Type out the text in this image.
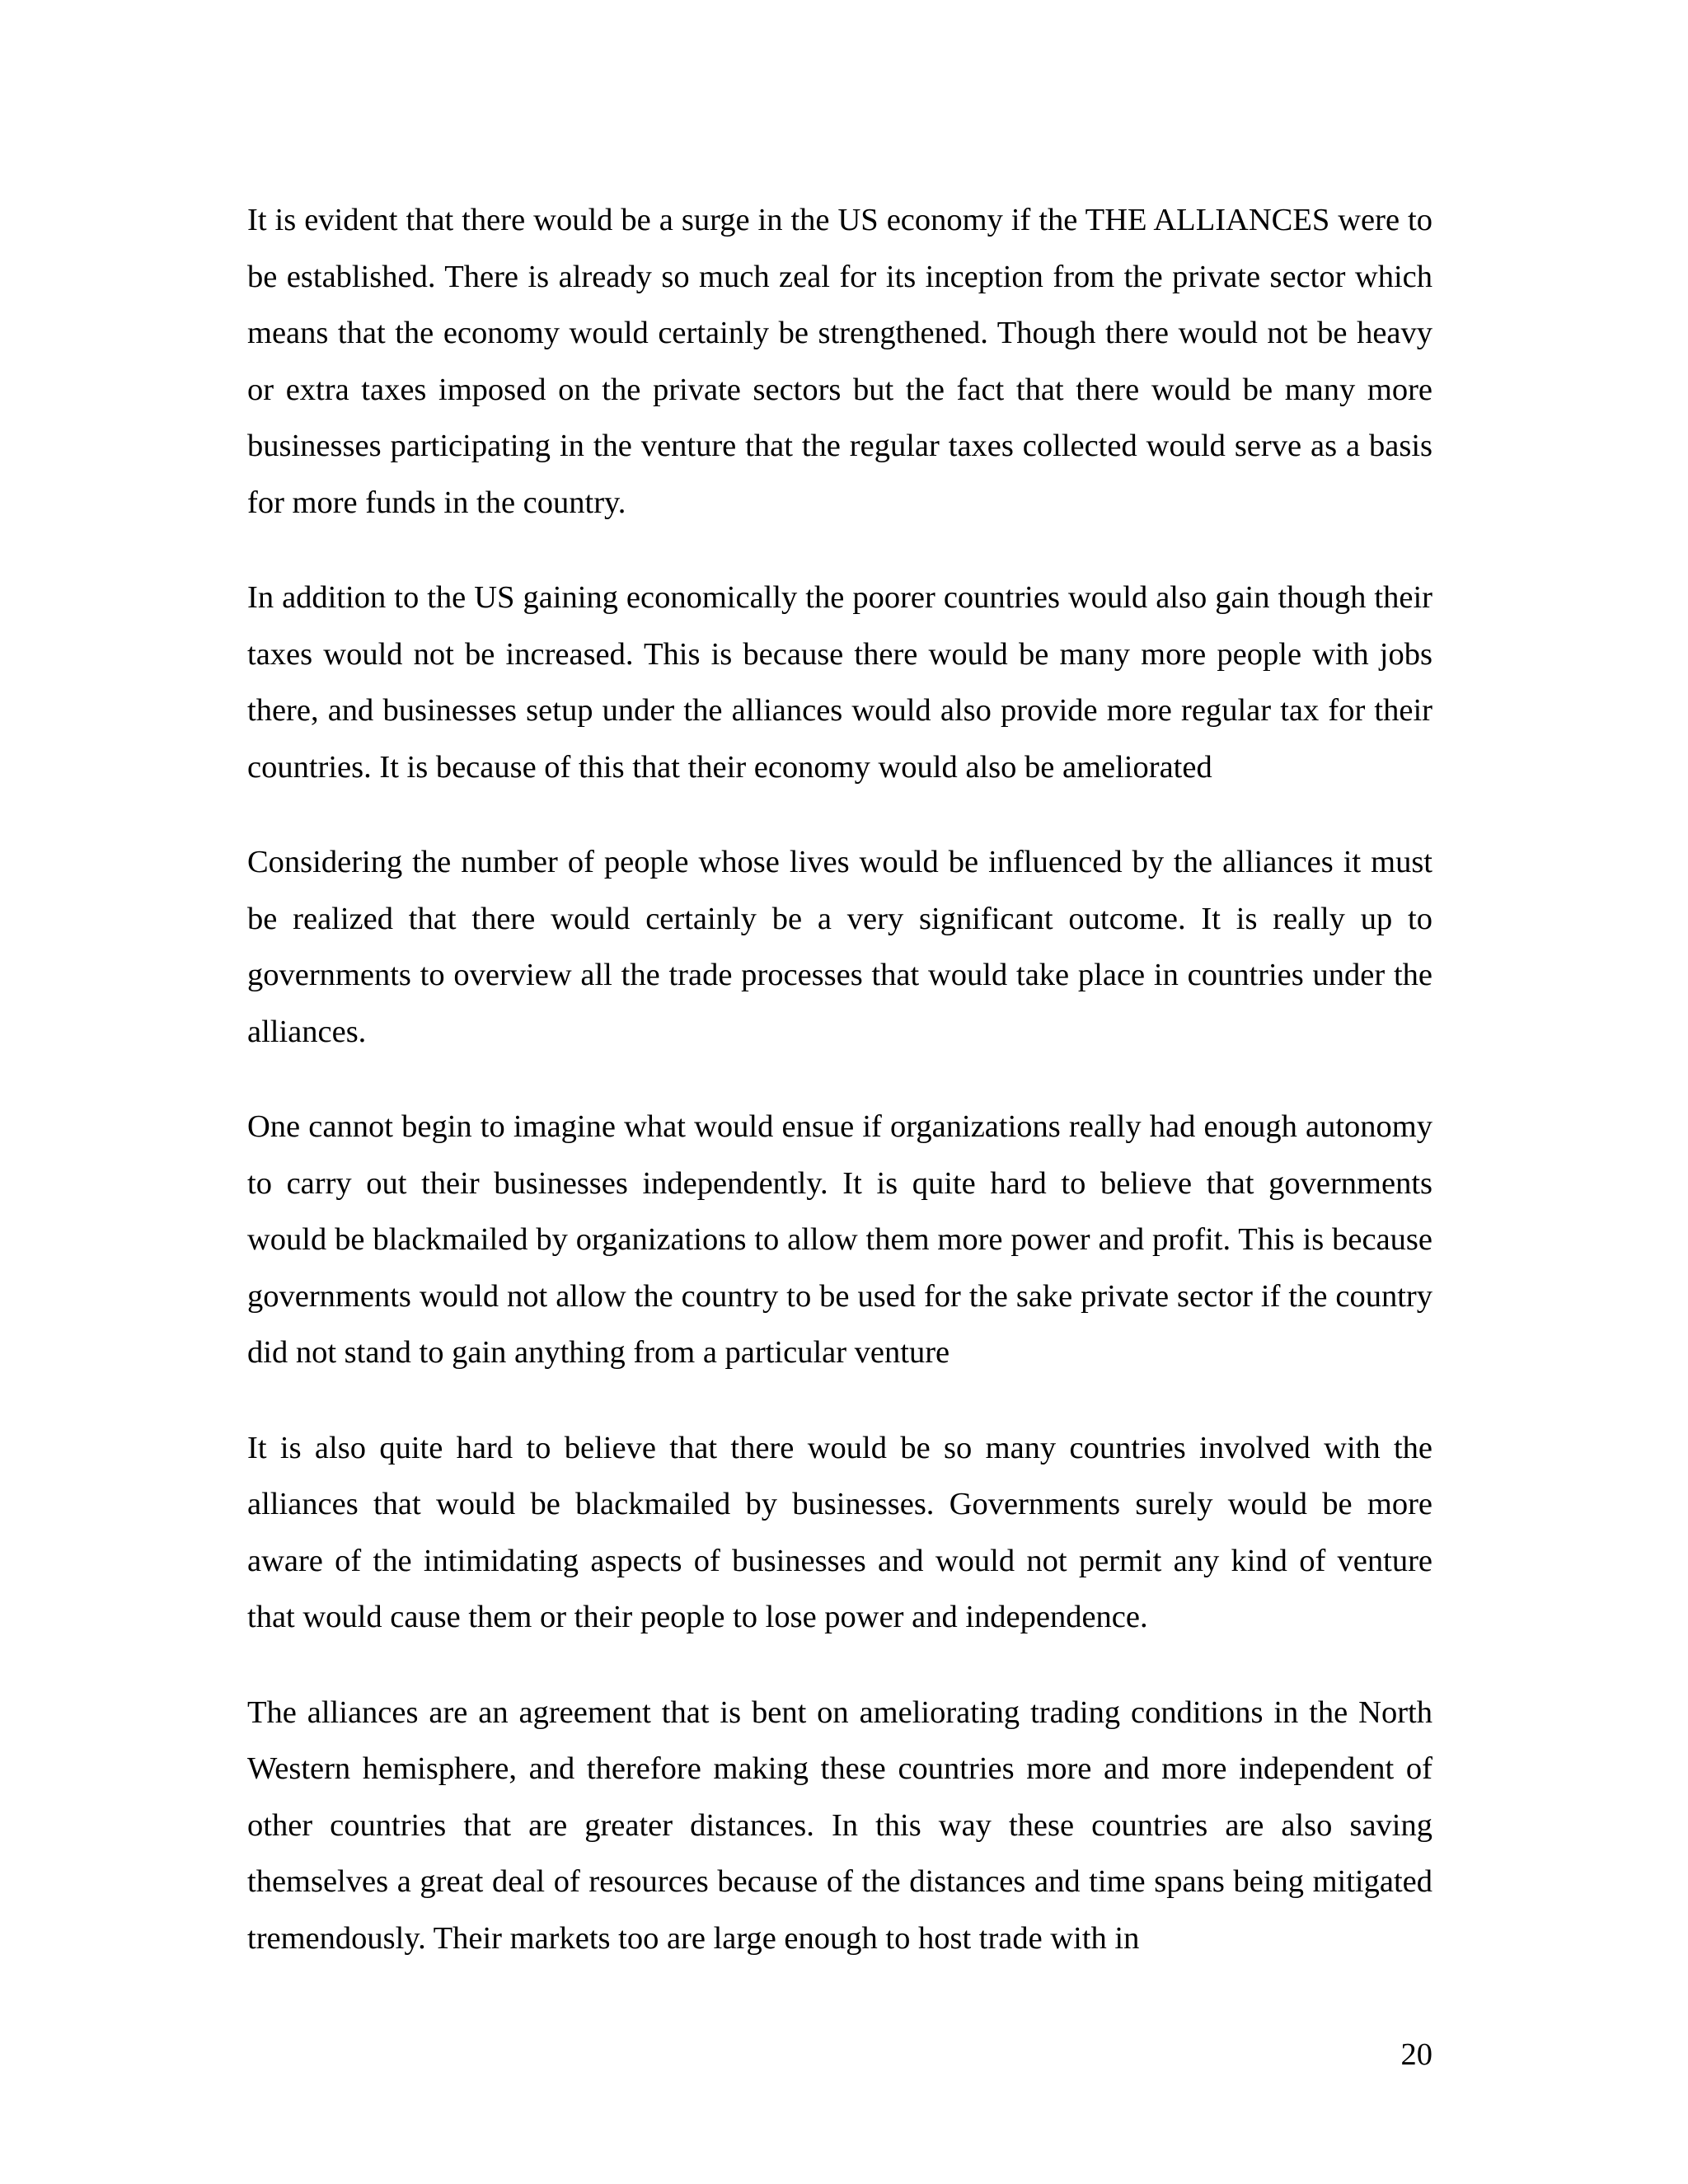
It is evident that there would be a surge in the US economy if the THE ALLIANCES were to be established. There is already so much zeal for its inception from the private sector which means that the economy would certainly be strengthened. Though there would not be heavy or extra taxes imposed on the private sectors but the fact that there would be many more businesses participating in the venture that the regular taxes collected would serve as a basis for more funds in the country.

In addition to the US gaining economically the poorer countries would also gain though their taxes would not be increased. This is because there would be many more people with jobs there, and businesses setup under the alliances would also provide more regular tax for their countries. It is because of this that their economy would also be ameliorated

Considering the number of people whose lives would be influenced by the alliances it must be realized that there would certainly be a very significant outcome. It is really up to governments to overview all the trade processes that would take place in countries under the alliances.

One cannot begin to imagine what would ensue if organizations really had enough autonomy to carry out their businesses independently. It is quite hard to believe that governments would be blackmailed by organizations to allow them more power and profit. This is because governments would not allow the country to be used for the sake private sector if the country did not stand to gain anything from a particular venture

It is also quite hard to believe that there would be so many countries involved with the alliances that would be blackmailed by businesses. Governments surely would be more aware of the intimidating aspects of businesses and would not permit any kind of venture that would cause them or their people to lose power and independence.

The alliances are an agreement that is bent on ameliorating trading conditions in the North Western hemisphere, and therefore making these countries more and more independent of other countries that are greater distances. In this way these countries are also saving themselves a great deal of resources because of the distances and time spans being mitigated tremendously. Their markets too are large enough to host trade with in

20
